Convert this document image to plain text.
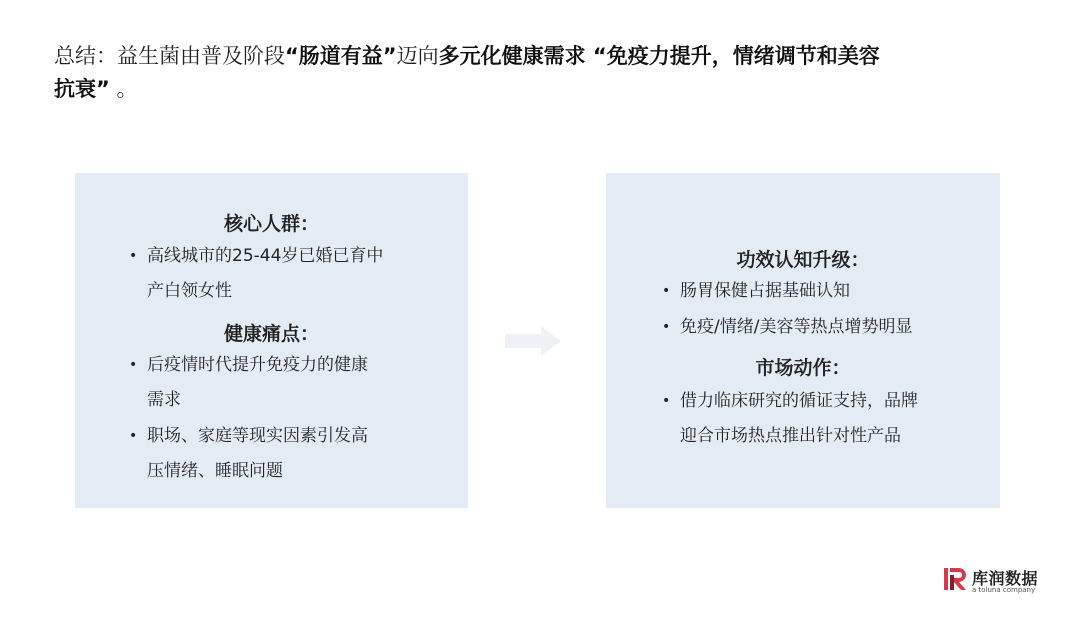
总结：益生菌由普及阶段“肠道有益”迈向多元化健康需求 “免疫力提升，情绪调节和美容
抗衰” 。
核心人群：
• 高线城市的25-44岁已婚已育中
产白领女性
健康痛点：
• 后疫情时代提升免疫力的健康
需求
• 职场、家庭等现实因素引发高
压情绪、睡眠问题
功效认知升级：
• 肠胃保健占据基础认知
• 免疫/情绪/美容等热点增势明显
市场动作：
• 借力临床研究的循证支持，品牌
迎合市场热点推出针对性产品
库润数据
a toluna company
